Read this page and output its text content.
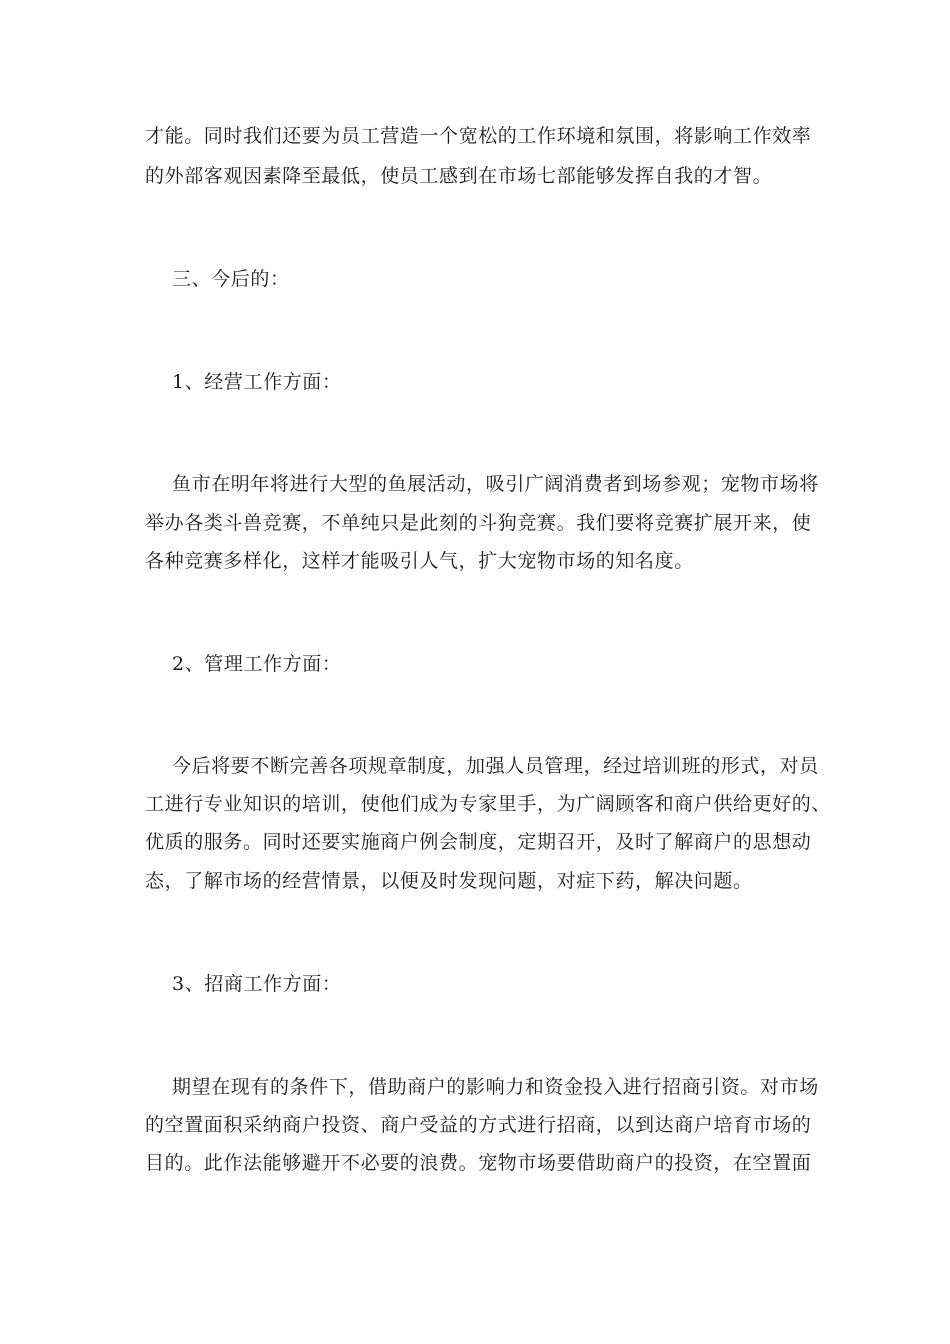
才能。同时我们还要为员工营造一个宽松的工作环境和氛围，将影响工作效率
的外部客观因素降至最低，使员工感到在市场七部能够发挥自我的才智。
三、今后的：
1、经营工作方面：
鱼市在明年将进行大型的鱼展活动，吸引广阔消费者到场参观；宠物市场将
举办各类斗兽竞赛，不单纯只是此刻的斗狗竞赛。我们要将竞赛扩展开来，使
各种竞赛多样化，这样才能吸引人气，扩大宠物市场的知名度。
2、管理工作方面：
今后将要不断完善各项规章制度，加强人员管理，经过培训班的形式，对员
工进行专业知识的培训，使他们成为专家里手，为广阔顾客和商户供给更好的、
优质的服务。同时还要实施商户例会制度，定期召开，及时了解商户的思想动
态，了解市场的经营情景，以便及时发现问题，对症下药，解决问题。
3、招商工作方面：
期望在现有的条件下，借助商户的影响力和资金投入进行招商引资。对市场
的空置面积采纳商户投资、商户受益的方式进行招商，以到达商户培育市场的
目的。此作法能够避开不必要的浪费。宠物市场要借助商户的投资，在空置面
